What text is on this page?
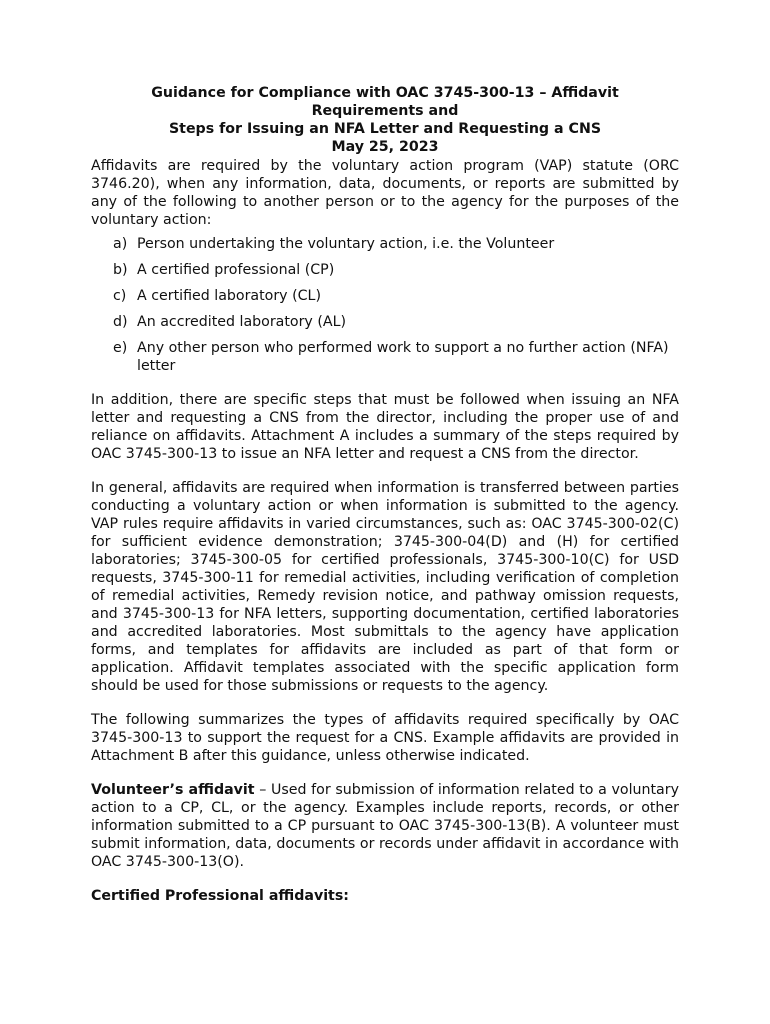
Guidance for Compliance with OAC 3745-300-13 – Affidavit
Requirements and
Steps for Issuing an NFA Letter and Requesting a CNS
May 25, 2023

Affidavits are required by the voluntary action program (VAP) statute (ORC 3746.20), when any information, data, documents, or reports are submitted by any of the following to another person or to the agency for the purposes of the voluntary action:

a) Person undertaking the voluntary action, i.e. the Volunteer
b) A certified professional (CP)
c) A certified laboratory (CL)
d) An accredited laboratory (AL)
e) Any other person who performed work to support a no further action (NFA) letter

In addition, there are specific steps that must be followed when issuing an NFA letter and requesting a CNS from the director, including the proper use of and reliance on affidavits. Attachment A includes a summary of the steps required by OAC 3745-300-13 to issue an NFA letter and request a CNS from the director.

In general, affidavits are required when information is transferred between parties conducting a voluntary action or when information is submitted to the agency. VAP rules require affidavits in varied circumstances, such as: OAC 3745-300-02(C) for sufficient evidence demonstration; 3745-300-04(D) and (H) for certified laboratories; 3745-300-05 for certified professionals, 3745-300-10(C) for USD requests, 3745-300-11 for remedial activities, including verification of completion of remedial activities, Remedy revision notice, and pathway omission requests, and 3745-300-13 for NFA letters, supporting documentation, certified laboratories and accredited laboratories. Most submittals to the agency have application forms, and templates for affidavits are included as part of that form or application. Affidavit templates associated with the specific application form should be used for those submissions or requests to the agency.

The following summarizes the types of affidavits required specifically by OAC 3745-300-13 to support the request for a CNS. Example affidavits are provided in Attachment B after this guidance, unless otherwise indicated.

Volunteer’s affidavit – Used for submission of information related to a voluntary action to a CP, CL, or the agency. Examples include reports, records, or other information submitted to a CP pursuant to OAC 3745-300-13(B). A volunteer must submit information, data, documents or records under affidavit in accordance with OAC 3745-300-13(O).

Certified Professional affidavits:
